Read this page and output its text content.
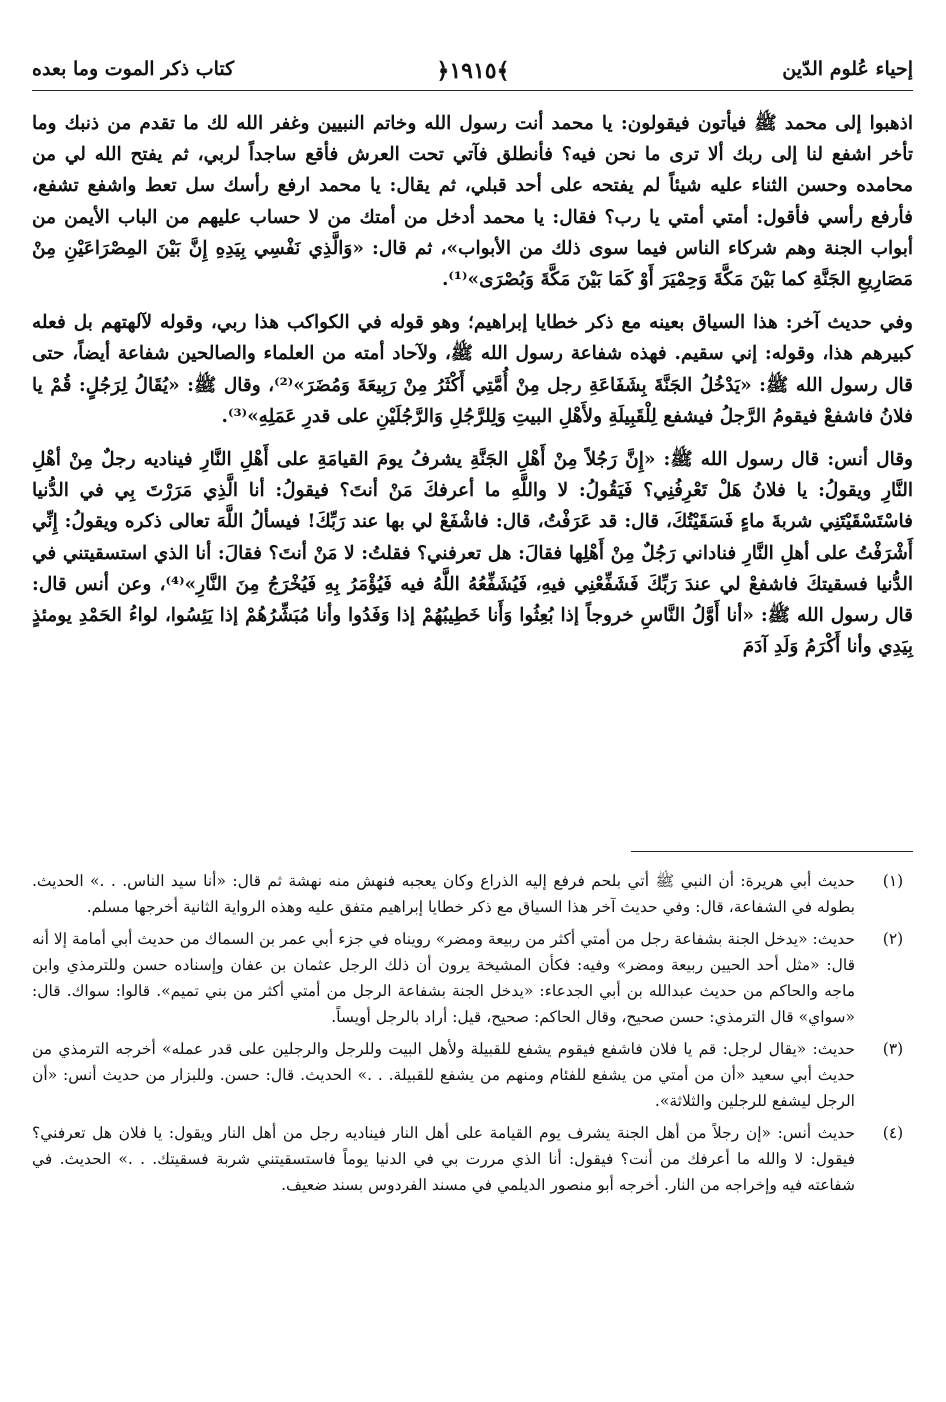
إحياء عُلوم الدّين
﴿١٩١٥﴾
كتاب ذكر الموت وما بعده

اذهبوا إلى محمد ﷺ فيأتون فيقولون: يا محمد أنت رسول الله وخاتم النبيين وغفر الله لك ما تقدم من ذنبك وما تأخر اشفع لنا إلى ربك ألا ترى ما نحن فيه؟ فأنطلق فآتي تحت العرش فأقع ساجداً لربي، ثم يفتح الله لي من محامده وحسن الثناء عليه شيئاً لم يفتحه على أحد قبلي، ثم يقال: يا محمد ارفع رأسك سل تعط واشفع تشفع، فأرفع رأسي فأقول: أمتي أمتي يا رب؟ فقال: يا محمد أدخل من أمتك من لا حساب عليهم من الباب الأيمن من أبواب الجنة وهم شركاء الناس فيما سوى ذلك من الأبواب»، ثم قال: «وَالَّذِي نَفْسِي بِيَدِهِ إِنَّ بَيْنَ المِصْرَاعَيْنِ مِنْ مَصَارِيعِ الجَنَّةِ كما بَيْنَ مَكَّةَ وَحِمْيَرَ أَوْ كَمَا بَيْنَ مَكَّةَ وَبُصْرَى»⁽¹⁾.

وفي حديث آخر: هذا السياق بعينه مع ذكر خطايا إبراهيم؛ وهو قوله في الكواكب هذا ربي، وقوله لآلهتهم بل فعله كبيرهم هذا، وقوله: إني سقيم. فهذه شفاعة رسول الله ﷺ، ولآحاد أمته من العلماء والصالحين شفاعة أيضاً، حتى قال رسول الله ﷺ: «يَدْخُلُ الجَنَّةَ بِشَفَاعَةِ رجل مِنْ أُمَّتِي أَكْثَرُ مِنْ رَبِيعَةَ وَمُضَرَ»⁽²⁾، وقال ﷺ: «يُقَالُ لِرَجُلٍ: قُمْ يا فلانُ فاشفعْ فيقومُ الرَّجلُ فيشفع لِلْقَبِيلَةِ ولأَهْلِ البيتِ وَلِلرَّجُلِ وَالرَّجُلَيْنِ على قدرِ عَمَلِهِ»⁽³⁾.

وقال أنس: قال رسول الله ﷺ: «إِنَّ رَجُلاً مِنْ أَهْلِ الجَنَّةِ يشرفُ يومَ القيامَةِ على أَهْلِ النَّارِ فيناديه رجلٌ مِنْ أهْلِ النَّارِ ويقولُ: يا فلانُ هَلْ تَعْرِفُنِي؟ فَيَقُولُ: لا واللَّهِ ما أعرفكَ مَنْ أنتَ؟ فيقولُ: أنا الَّذِي مَرَرْتَ بِي في الدُّنيا فاسْتَسْقَيْتَنِي شربةَ ماءٍ فَسَقَيْتُكَ، قال: قد عَرَفْتُ، قال: فاشْفَعْ لي بها عند رَبِّكَ! فيسألُ اللَّهَ تعالى ذكره ويقولُ: إِنِّي أَشْرَفْتُ على أهلِ النَّارِ فناداني رَجُلٌ مِنْ أَهْلِها فقالَ: هل تعرفني؟ فقلتُ: لا مَنْ أنتَ؟ فقالَ: أنا الذي استسقيتني في الدُّنيا فسقيتكَ فاشفعْ لي عندَ رَبِّكَ فَشَفِّعْنِي فيهِ، فَيُشَفِّعُهُ اللَّهُ فيه فَيُؤْمَرُ بِهِ فَيُخْرَجُ مِنَ النَّارِ»⁽⁴⁾، وعن أنس قال: قال رسول الله ﷺ: «أنا أَوَّلُ النَّاسِ خروجاً إذا بُعِثُوا وَأَنا خَطِيبُهُمْ إذا وَفَدُوا وأنا مُبَشِّرُهُمْ إذا يَئِسُوا، لواءُ الحَمْدِ يومئذٍ بِيَدِي وأنا أَكْرَمُ وَلَدِ آدَمَ

(١)
حديث أبي هريرة: أن النبي ﷺ أتي بلحم فرفع إليه الذراع وكان يعجبه فنهش منه نهشة ثم قال: «أنا سيد الناس. . .» الحديث. بطوله في الشفاعة، قال: وفي حديث آخر هذا السياق مع ذكر خطايا إبراهيم متفق عليه وهذه الرواية الثانية أخرجها مسلم.
(٢)
حديث: «يدخل الجنة بشفاعة رجل من أمتي أكثر من ربيعة ومضر» رويناه في جزء أبي عمر بن السماك من حديث أبي أمامة إلا أنه قال: «مثل أحد الحيين ربيعة ومضر» وفيه: فكأن المشيخة يرون أن ذلك الرجل عثمان بن عفان وإسناده حسن وللترمذي وابن ماجه والحاكم من حديث عبدالله بن أبي الجدعاء: «يدخل الجنة بشفاعة الرجل من أمتي أكثر من بني تميم». قالوا: سواك. قال: «سواي» قال الترمذي: حسن صحيح، وقال الحاكم: صحيح، قيل: أراد بالرجل أويساً.
(٣)
حديث: «يقال لرجل: قم يا فلان فاشفع فيقوم يشفع للقبيلة ولأهل البيت وللرجل والرجلين على قدر عمله» أخرجه الترمذي من حديث أبي سعيد «أن من أمتي من يشفع للفئام ومنهم من يشفع للقبيلة. . .» الحديث. قال: حسن. وللبزار من حديث أنس: «أن الرجل ليشفع للرجلين والثلاثة».
(٤)
حديث أنس: «إن رجلاً من أهل الجنة يشرف يوم القيامة على أهل النار فيناديه رجل من أهل النار ويقول: يا فلان هل تعرفني؟ فيقول: لا والله ما أعرفك من أنت؟ فيقول: أنا الذي مررت بي في الدنيا يوماً فاستسقيتني شربة فسقيتك. . .» الحديث. في شفاعته فيه وإخراجه من النار. أخرجه أبو منصور الديلمي في مسند الفردوس بسند ضعيف.
